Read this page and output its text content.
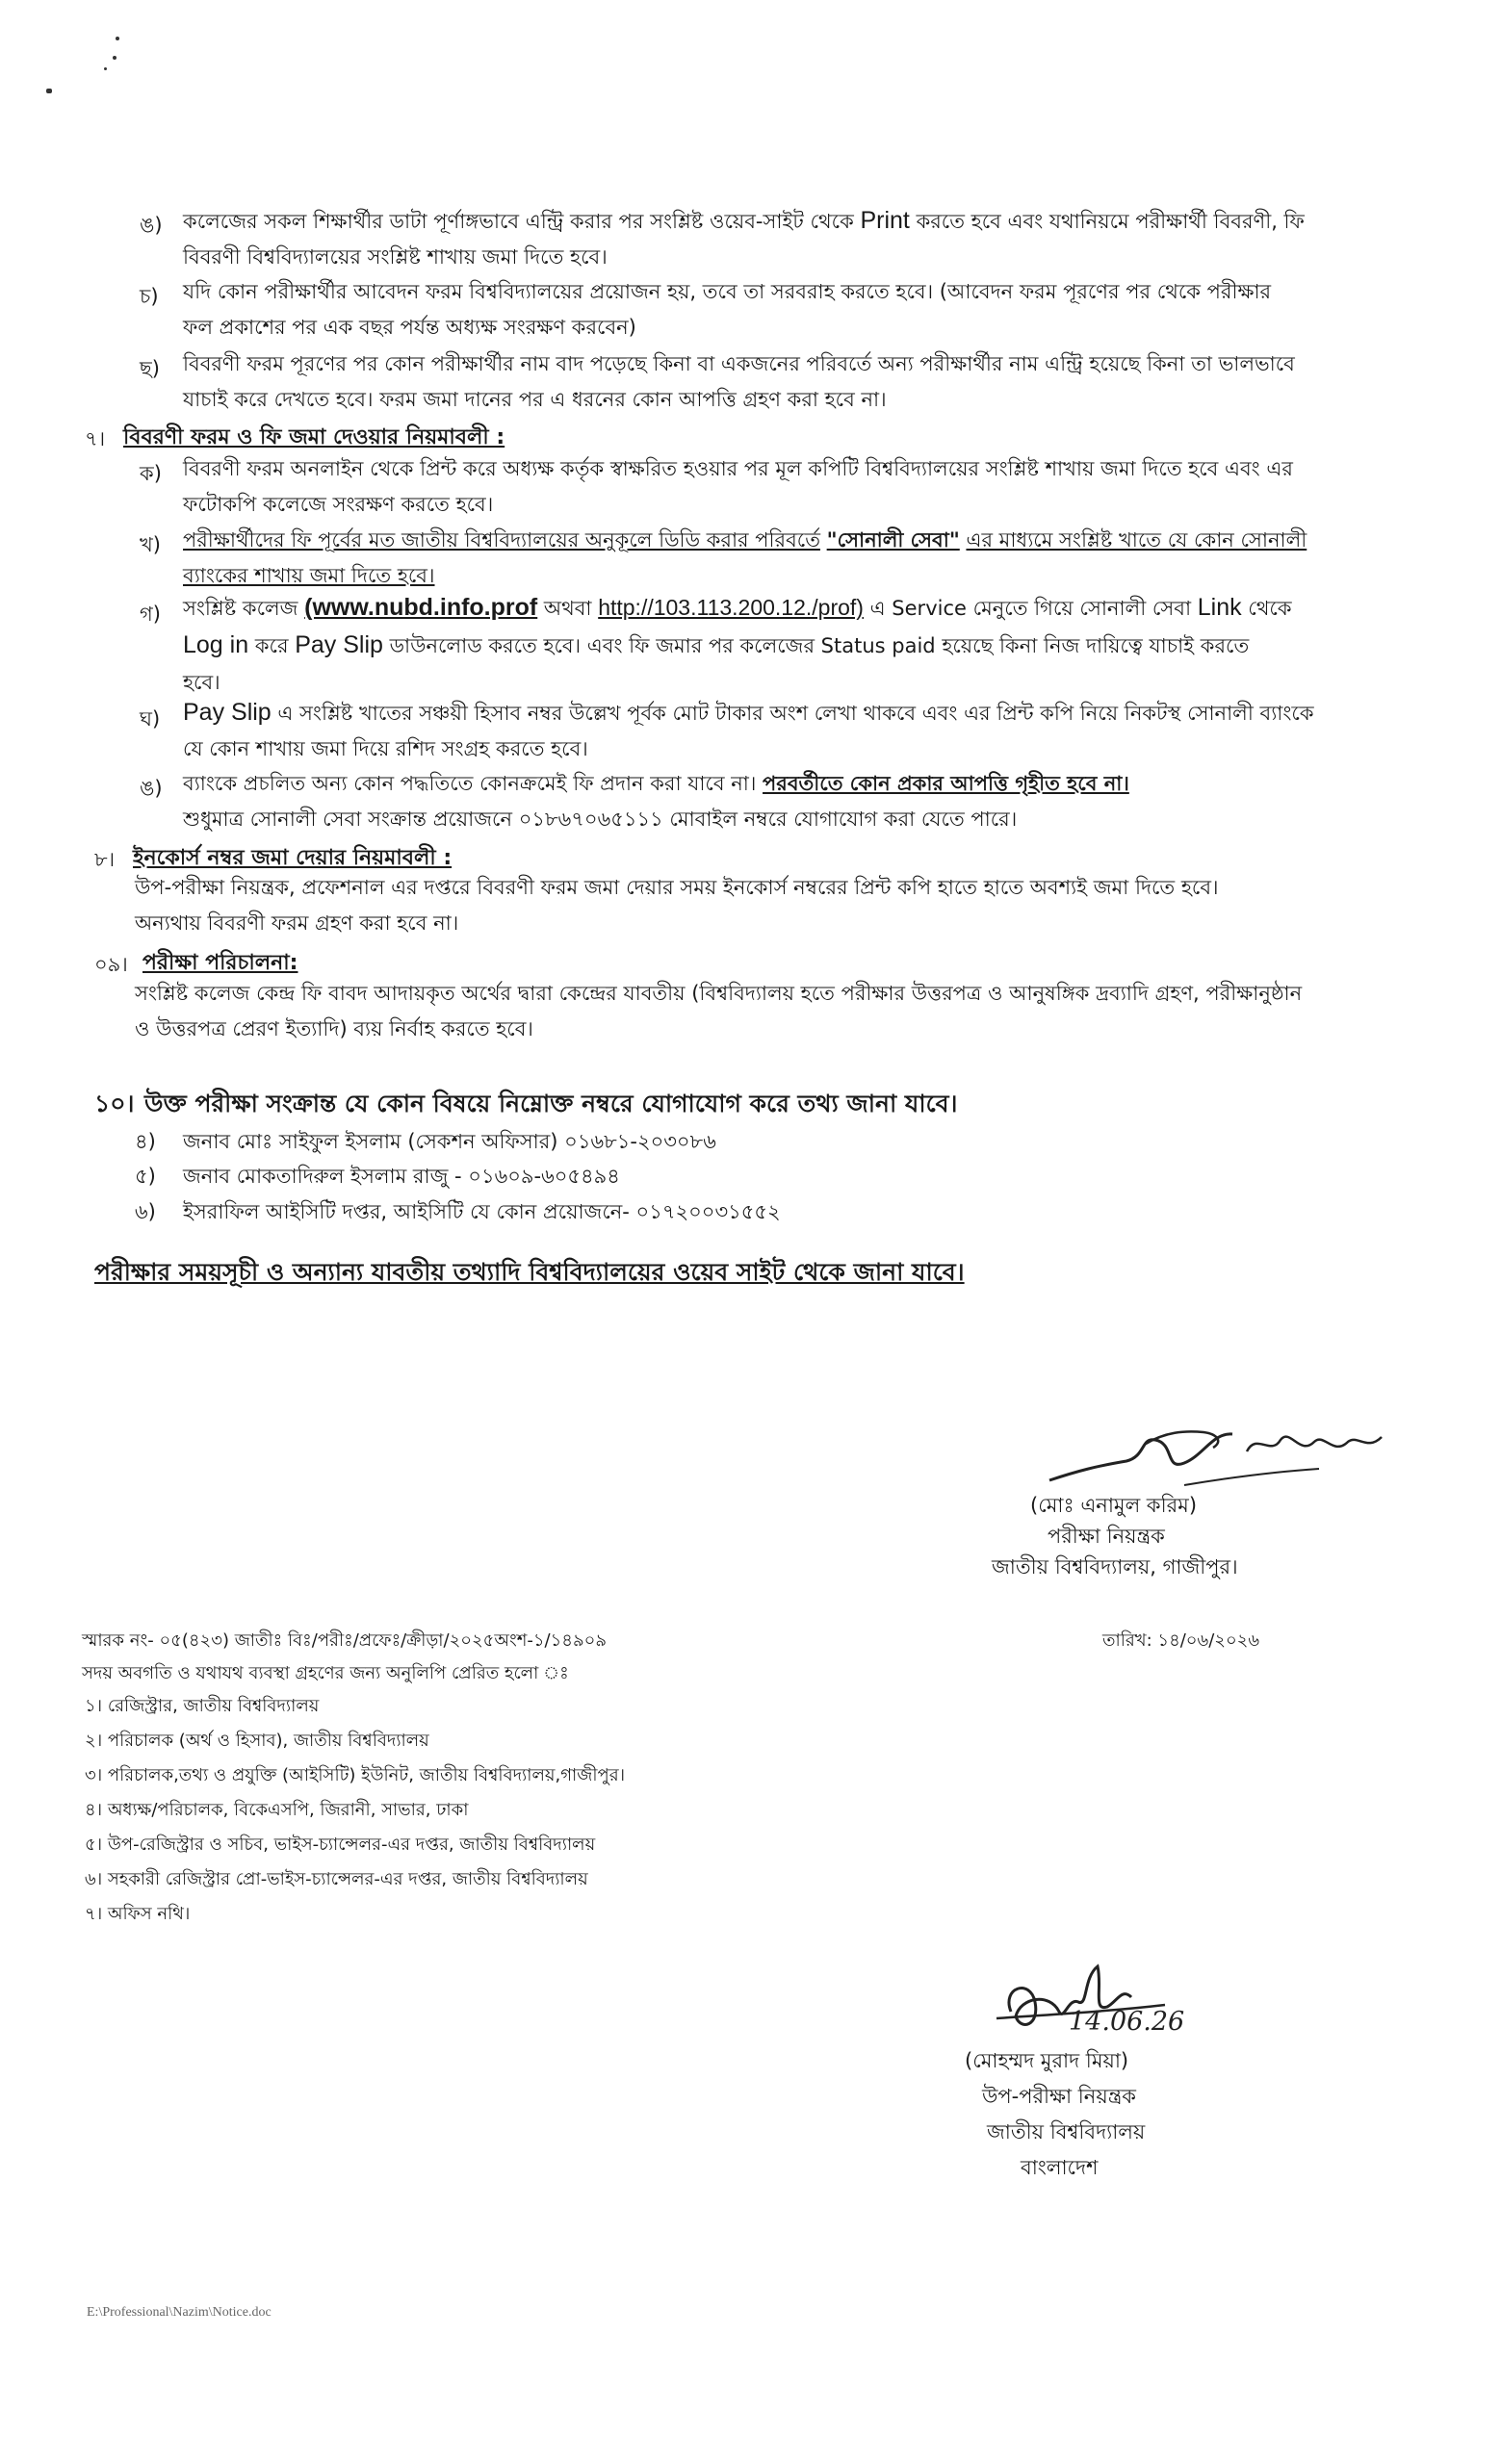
ঙ) কলেজের সকল শিক্ষার্থীর ডাটা পূর্ণাঙ্গভাবে এন্ট্রি করার পর সংশ্লিষ্ট ওয়েব-সাইট থেকে Print করতে হবে এবং যথানিয়মে পরীক্ষার্থী বিবরণী, ফি
বিবরণী বিশ্ববিদ্যালয়ের সংশ্লিষ্ট শাখায় জমা দিতে হবে।
চ) যদি কোন পরীক্ষার্থীর আবেদন ফরম বিশ্ববিদ্যালয়ের প্রয়োজন হয়, তবে তা সরবরাহ করতে হবে। (আবেদন ফরম পূরণের পর থেকে পরীক্ষার
ফল প্রকাশের পর এক বছর পর্যন্ত অধ্যক্ষ সংরক্ষণ করবেন)
ছ) বিবরণী ফরম পূরণের পর কোন পরীক্ষার্থীর নাম বাদ পড়েছে কিনা বা একজনের পরিবর্তে অন্য পরীক্ষার্থীর নাম এন্ট্রি হয়েছে কিনা তা ভালভাবে
যাচাই করে দেখতে হবে। ফরম জমা দানের পর এ ধরনের কোন আপত্তি গ্রহণ করা হবে না।
৭। বিবরণী ফরম ও ফি জমা দেওয়ার নিয়মাবলী :
ক) বিবরণী ফরম অনলাইন থেকে প্রিন্ট করে অধ্যক্ষ কর্তৃক স্বাক্ষরিত হওয়ার পর মূল কপিটি বিশ্ববিদ্যালয়ের সংশ্লিষ্ট শাখায় জমা দিতে হবে এবং এর
ফটোকপি কলেজে সংরক্ষণ করতে হবে।
খ) পরীক্ষার্থীদের ফি পূর্বের মত জাতীয় বিশ্ববিদ্যালয়ের অনুকূলে ডিডি করার পরিবর্তে "সোনালী সেবা" এর মাধ্যমে সংশ্লিষ্ট খাতে যে কোন সোনালী
ব্যাংকের শাখায় জমা দিতে হবে।
গ) সংশ্লিষ্ট কলেজ (www.nubd.info.prof অথবা http://103.113.200.12./prof) এ Service মেনুতে গিয়ে সোনালী সেবা Link থেকে
Log in করে Pay Slip ডাউনলোড করতে হবে। এবং ফি জমার পর কলেজের Status paid হয়েছে কিনা নিজ দায়িত্বে যাচাই করতে
হবে।
ঘ) Pay Slip এ সংশ্লিষ্ট খাতের সঞ্চয়ী হিসাব নম্বর উল্লেখ পূর্বক মোট টাকার অংশ লেখা থাকবে এবং এর প্রিন্ট কপি নিয়ে নিকটস্থ সোনালী ব্যাংকে
যে কোন শাখায় জমা দিয়ে রশিদ সংগ্রহ করতে হবে।
ঙ) ব্যাংকে প্রচলিত অন্য কোন পদ্ধতিতে কোনক্রমেই ফি প্রদান করা যাবে না। পরবর্তীতে কোন প্রকার আপত্তি গৃহীত হবে না।
শুধুমাত্র সোনালী সেবা সংক্রান্ত প্রয়োজনে ০১৮৬৭০৬৫১১১ মোবাইল নম্বরে যোগাযোগ করা যেতে পারে।
৮। ইনকোর্স নম্বর জমা দেয়ার নিয়মাবলী :
উপ-পরীক্ষা নিয়ন্ত্রক, প্রফেশনাল এর দপ্তরে বিবরণী ফরম জমা দেয়ার সময় ইনকোর্স নম্বরের প্রিন্ট কপি হাতে হাতে অবশ্যই জমা দিতে হবে।
অন্যথায় বিবরণী ফরম গ্রহণ করা হবে না।
০৯। পরীক্ষা পরিচালনা:
সংশ্লিষ্ট কলেজ কেন্দ্র ফি বাবদ আদায়কৃত অর্থের দ্বারা কেন্দ্রের যাবতীয় (বিশ্ববিদ্যালয় হতে পরীক্ষার উত্তরপত্র ও আনুষঙ্গিক দ্রব্যাদি গ্রহণ, পরীক্ষানুষ্ঠান
ও উত্তরপত্র প্রেরণ ইত্যাদি) ব্যয় নির্বাহ করতে হবে।
১০। উক্ত পরীক্ষা সংক্রান্ত যে কোন বিষয়ে নিম্নোক্ত নম্বরে যোগাযোগ করে তথ্য জানা যাবে।
৪) জনাব মোঃ সাইফুল ইসলাম (সেকশন অফিসার) ০১৬৮১-২০৩০৮৬
৫) জনাব মোকতাদিরুল ইসলাম রাজু - ০১৬০৯-৬০৫৪৯৪
৬) ইসরাফিল আইসিটি দপ্তর, আইসিটি যে কোন প্রয়োজনে- ০১৭২০০৩১৫৫২
পরীক্ষার সময়সূচী ও অন্যান্য যাবতীয় তথ্যাদি বিশ্ববিদ্যালয়ের ওয়েব সাইট থেকে জানা যাবে।
(মোঃ এনামুল করিম)
পরীক্ষা নিয়ন্ত্রক
জাতীয় বিশ্ববিদ্যালয়, গাজীপুর।
স্মারক নং- ০৫(৪২৩) জাতীঃ বিঃ/পরীঃ/প্রফেঃ/ক্রীড়া/২০২৫অংশ-১/১৪৯০৯	তারিখ: ১৪/০৬/২০২৬
সদয় অবগতি ও যথাযথ ব্যবস্থা গ্রহণের জন্য অনুলিপি প্রেরিত হলো ঃ
১। রেজিস্ট্রার, জাতীয় বিশ্ববিদ্যালয়
২। পরিচালক (অর্থ ও হিসাব), জাতীয় বিশ্ববিদ্যালয়
৩। পরিচালক,তথ্য ও প্রযুক্তি (আইসিটি) ইউনিট, জাতীয় বিশ্ববিদ্যালয়,গাজীপুর।
৪। অধ্যক্ষ/পরিচালক, বিকেএসপি, জিরানী, সাভার, ঢাকা
৫। উপ-রেজিস্ট্রার ও সচিব, ভাইস-চ্যান্সেলর-এর দপ্তর, জাতীয় বিশ্ববিদ্যালয়
৬। সহকারী রেজিস্ট্রার প্রো-ভাইস-চ্যান্সেলর-এর দপ্তর, জাতীয় বিশ্ববিদ্যালয়
৭। অফিস নথি।
14.06.26
(মোহম্মদ মুরাদ মিয়া)
উপ-পরীক্ষা নিয়ন্ত্রক
জাতীয় বিশ্ববিদ্যালয়
বাংলাদেশ
E:\Professional\Nazim\Notice.doc
